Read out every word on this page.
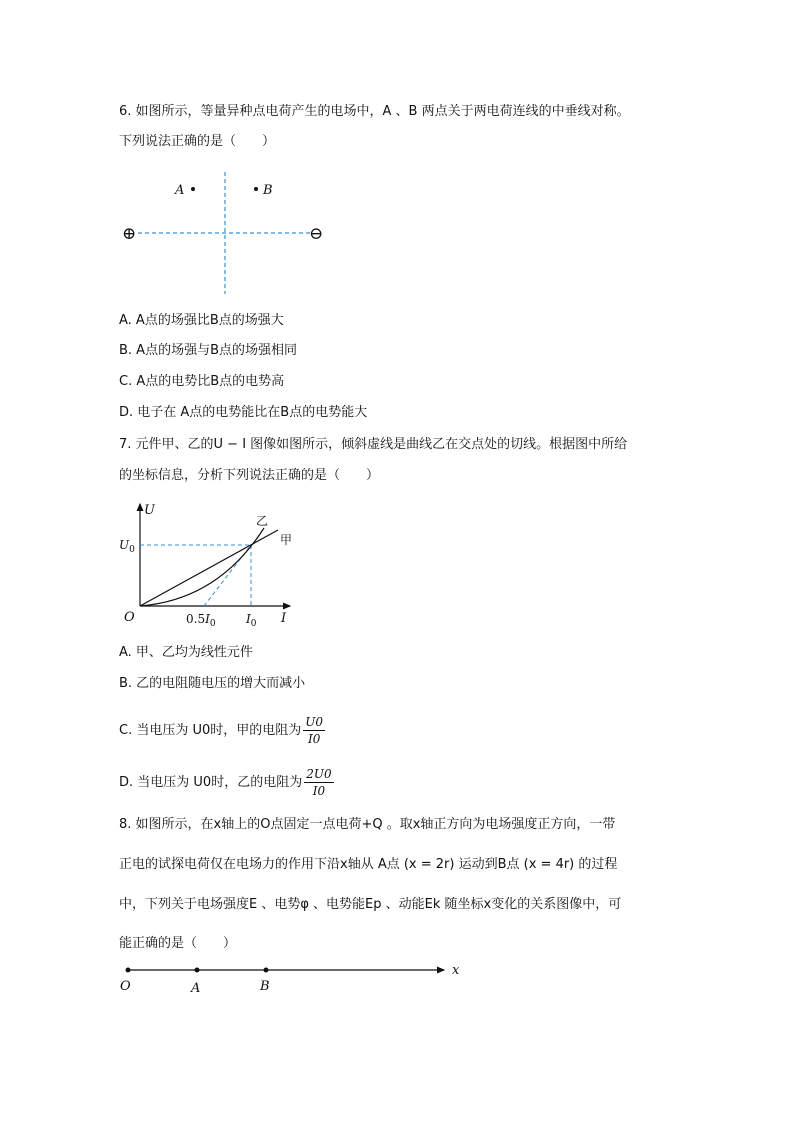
6. 如图所示，等量异种点电荷产生的电场中，A 、B 两点关于两电荷连线的中垂线对称。
下列说法正确的是（　　）
A	B
⊕	⊖
A. A点的场强比B点的场强大
B. A点的场强与B点的场强相同
C. A点的电势比B点的电势高
D. 电子在 A点的电势能比在B点的电势能大
7. 元件甲、乙的U − I 图像如图所示，倾斜虚线是曲线乙在交点处的切线。根据图中所给
的坐标信息，分析下列说法正确的是（　　）
U
I
O
$U_0$
乙
甲
$0.5I_0$	$I_0$
A. 甲、乙均为线性元件
B. 乙的电阻随电压的增大而减小
C. 当电压为 U0时，甲的电阻为 $\frac{U0}{I0}$
D. 当电压为 U0时，乙的电阻为 $\frac{2U0}{I0}$
8. 如图所示，在x轴上的O点固定一点电荷+Q 。取x轴正方向为电场强度正方向，一带
正电的试探电荷仅在电场力的作用下沿x轴从 A点 (x = 2r) 运动到B点 (x = 4r) 的过程
中，下列关于电场强度E 、电势φ 、电势能Ep 、动能Ek 随坐标x变化的关系图像中，可
能正确的是（　　）
O	A	B
x
